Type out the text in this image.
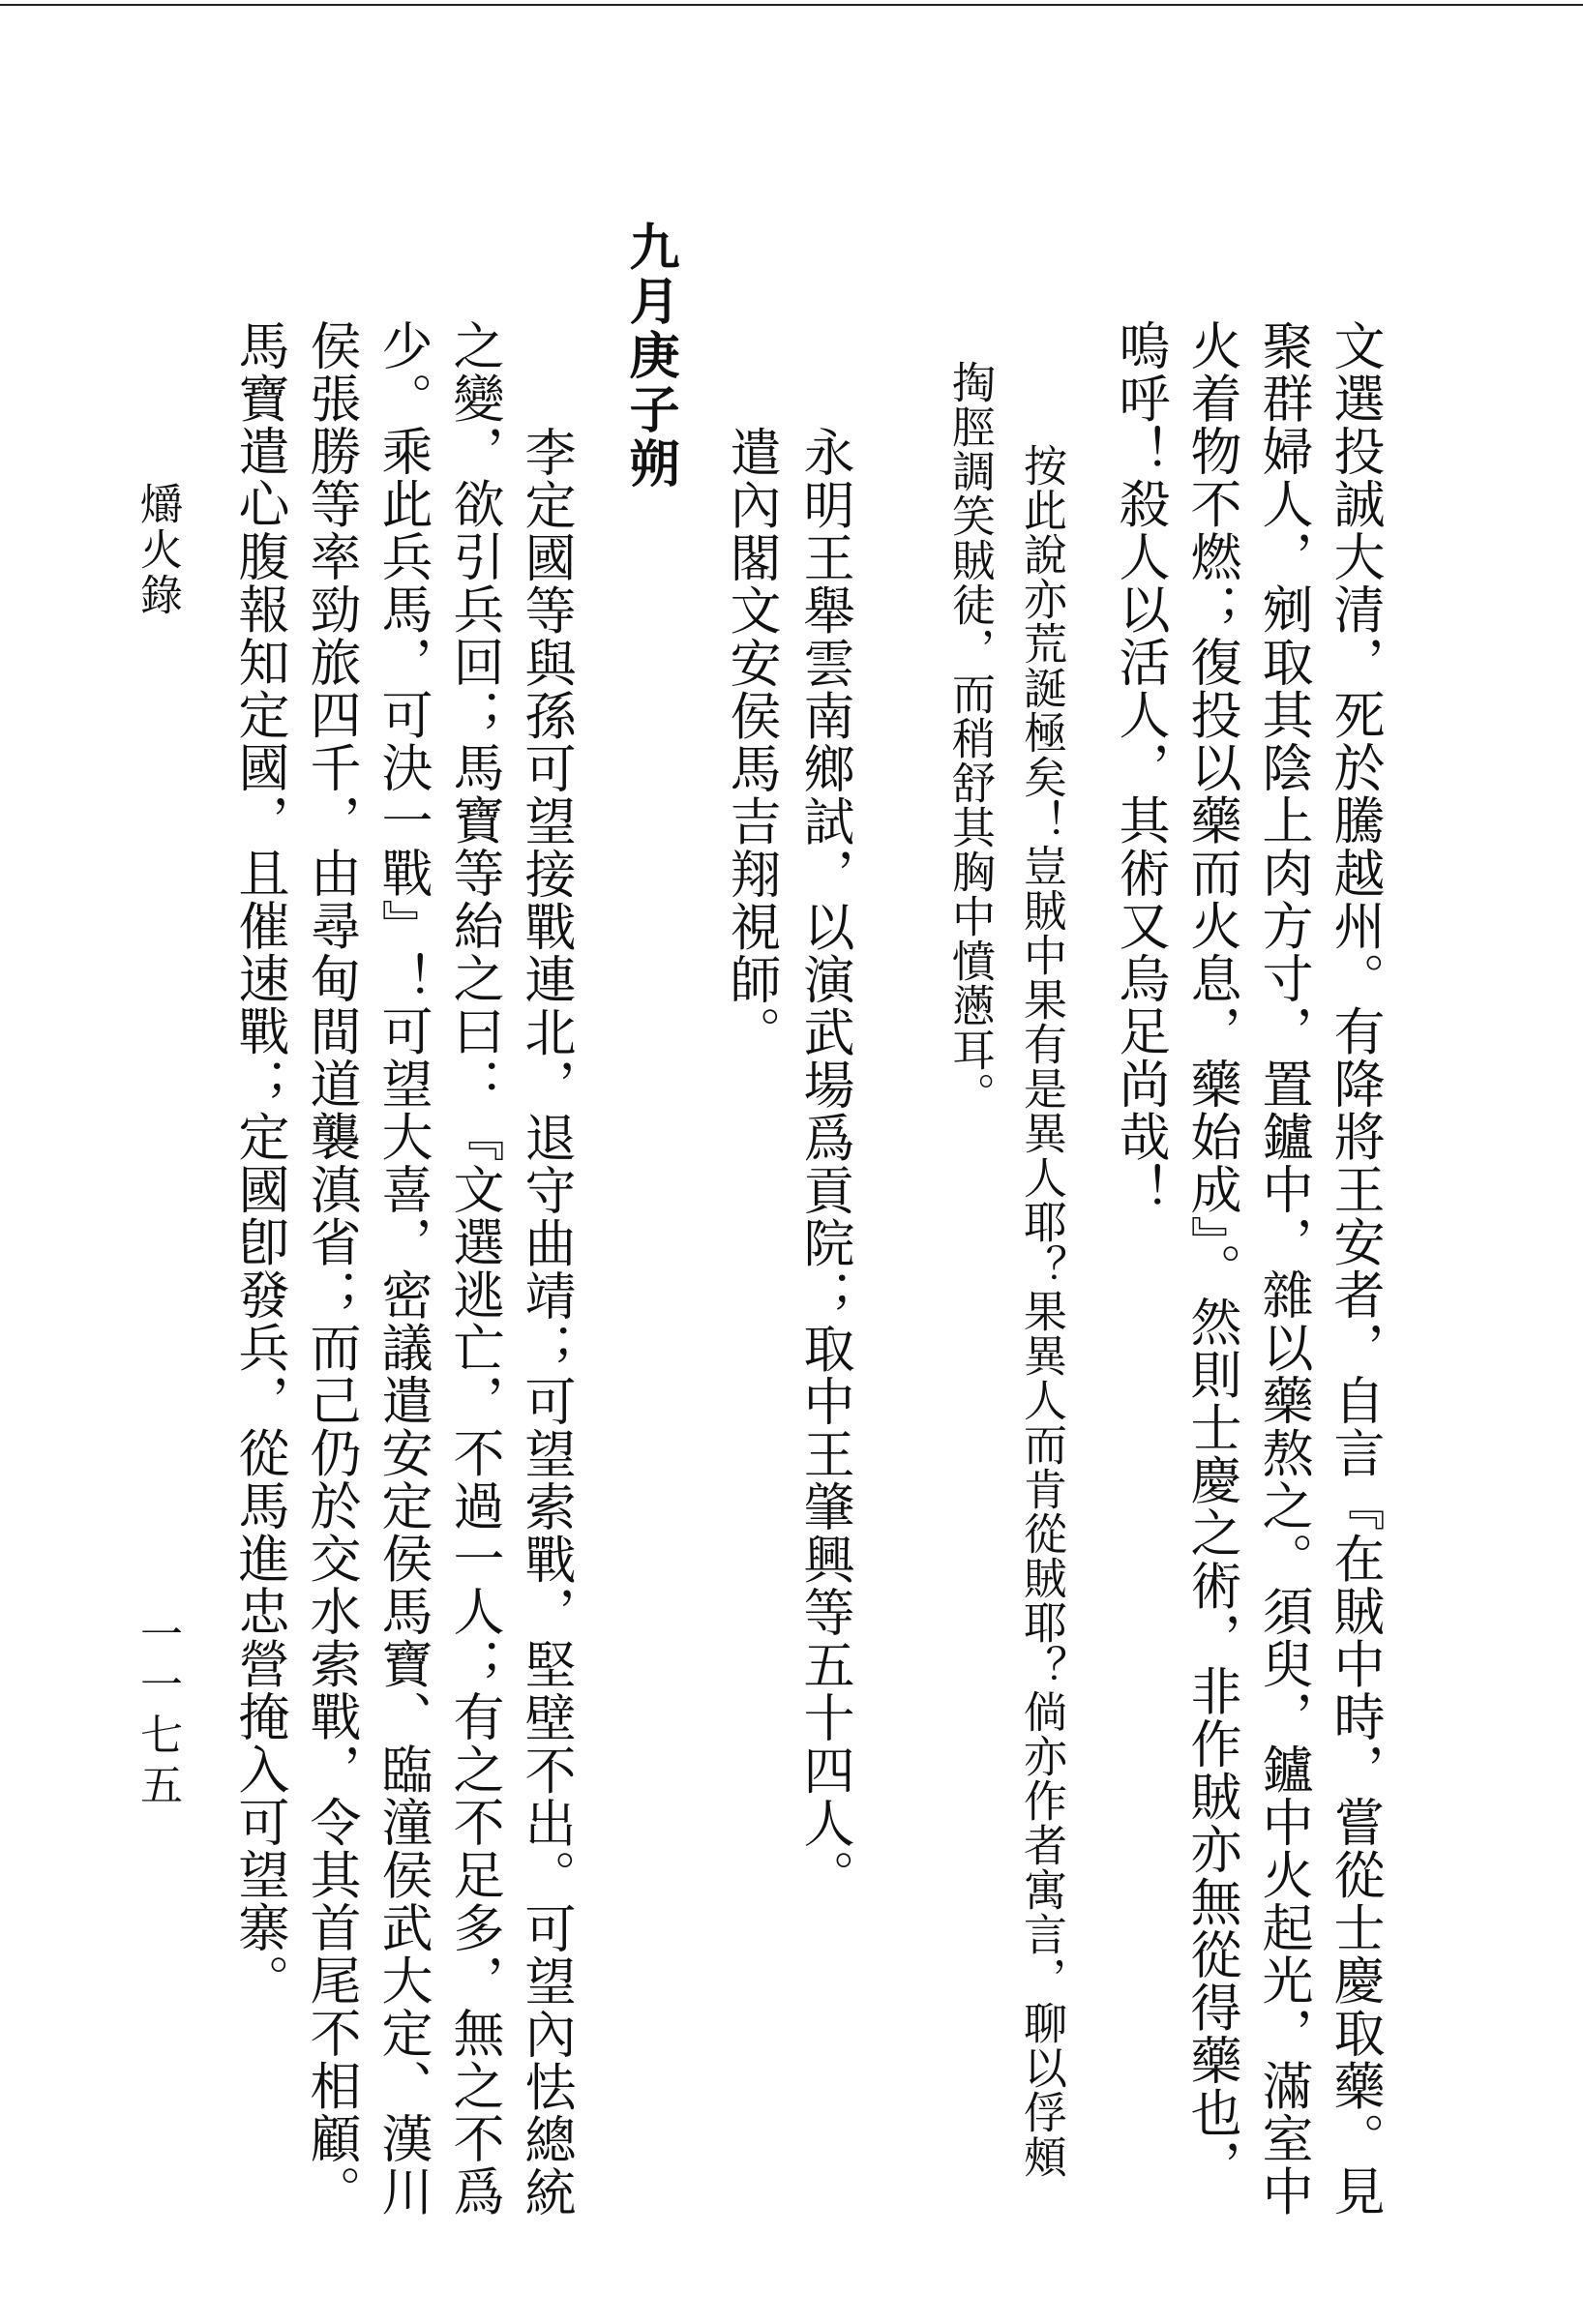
文選投誠大清，死於騰越州。有降將王安者，自言『在賊中時，嘗從士慶取藥。見

聚群婦人，剜取其陰上肉方寸，置鑪中，雜以藥熬之。須臾，鑪中火起光，滿室中

火着物不燃；復投以藥而火息，藥始成』。然則士慶之術，非作賊亦無從得藥也，

嗚呼！殺人以活人，其術又烏足尚哉！

按此說亦荒誕極矣！豈賊中果有是異人耶？果異人而肯從賊耶？倘亦作者寓言，聊以俘頰

掏脛調笑賊徒，而稍舒其胸中憤懣耳。

永明王舉雲南鄉試，以演武場爲貢院；取中王肇興等五十四人。

遣內閣文安侯馬吉翔視師。

九月庚子朔

李定國等與孫可望接戰連北，退守曲靖；可望索戰，堅壁不出。可望內怯總統

之變，欲引兵回；馬寶等紿之曰：『文選逃亡，不過一人；有之不足多，無之不爲

少。乘此兵馬，可決一戰』！可望大喜，密議遣安定侯馬寶、臨潼侯武大定、漢川

侯張勝等率勁旅四千，由尋甸間道襲滇省；而己仍於交水索戰，令其首尾不相顧。

馬寶遣心腹報知定國，且催速戰；定國卽發兵，從馬進忠營掩入可望寨。

爝火錄

一一七五
